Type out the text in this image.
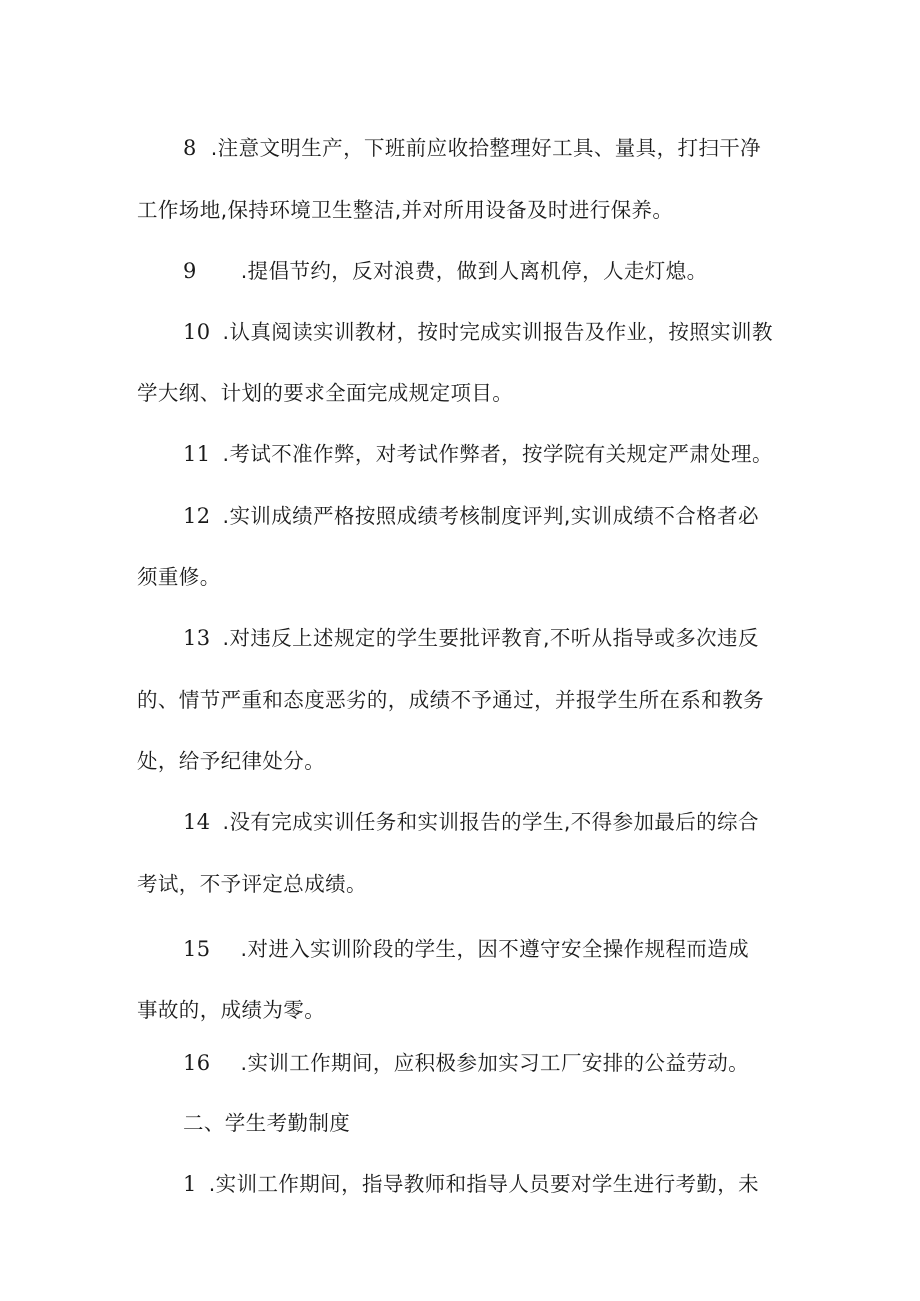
8 .注意文明生产，下班前应收拾整理好工具、量具，打扫干净
工作场地,保持环境卫生整洁,并对所用设备及时进行保养。
9 .提倡节约，反对浪费，做到人离机停，人走灯熄。
10 .认真阅读实训教材，按时完成实训报告及作业，按照实训教
学大纲、计划的要求全面完成规定项目。
11 .考试不准作弊，对考试作弊者，按学院有关规定严肃处理。
12 .实训成绩严格按照成绩考核制度评判,实训成绩不合格者必
须重修。
13 .对违反上述规定的学生要批评教育,不听从指导或多次违反
的、情节严重和态度恶劣的，成绩不予通过，并报学生所在系和教务
处，给予纪律处分。
14 .没有完成实训任务和实训报告的学生,不得参加最后的综合
考试，不予评定总成绩。
15 .对进入实训阶段的学生，因不遵守安全操作规程而造成
事故的，成绩为零。
16 .实训工作期间，应积极参加实习工厂安排的公益劳动。
二、学生考勤制度
1 .实训工作期间，指导教师和指导人员要对学生进行考勤，未
